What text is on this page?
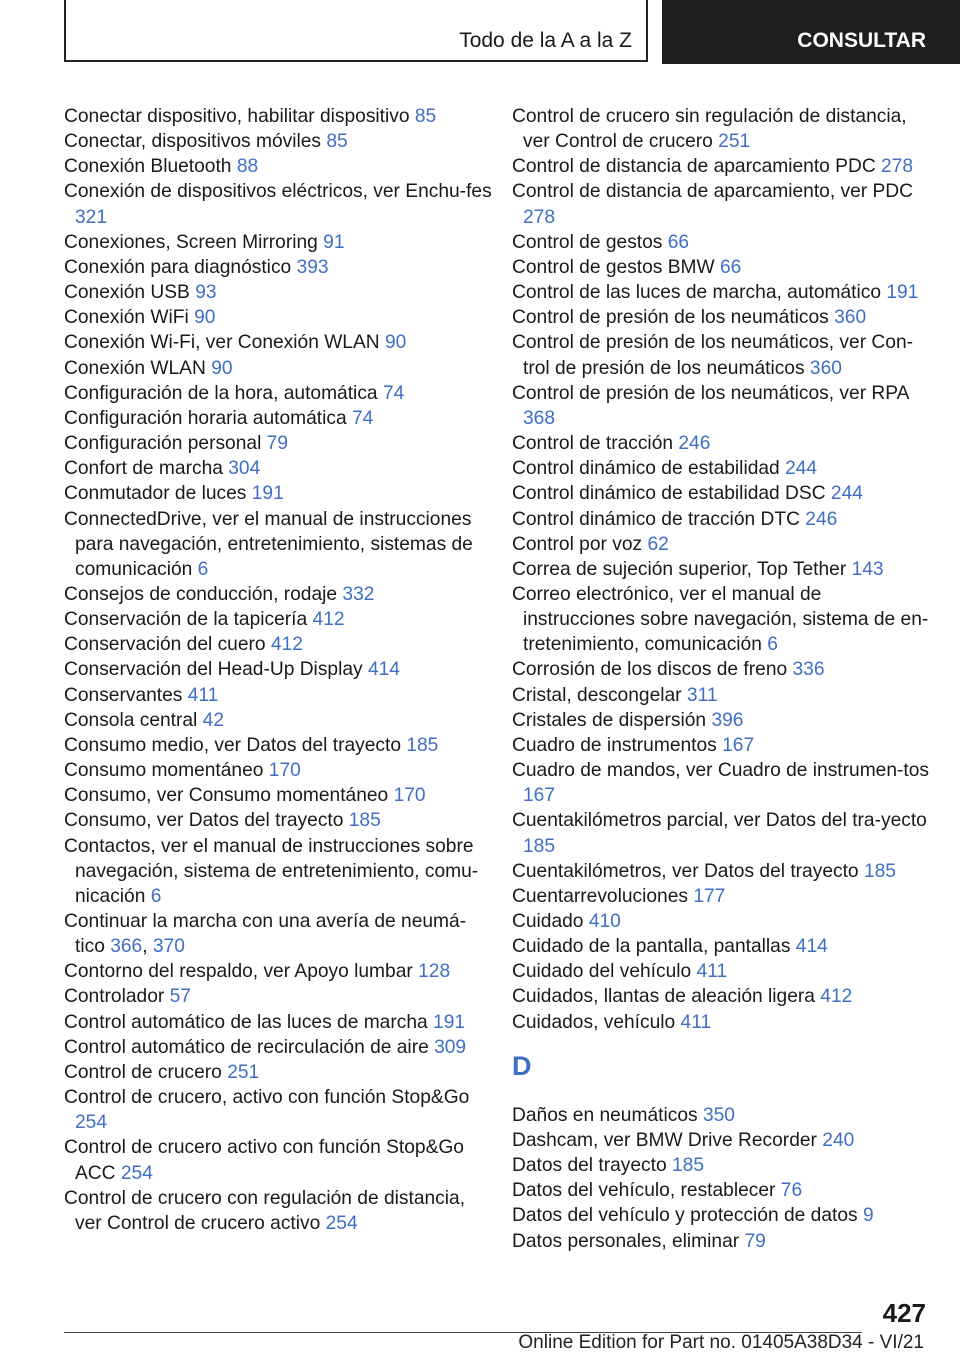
Todo de la A a la Z	CONSULTAR
Conectar dispositivo, habilitar dispositivo 85
Conectar, dispositivos móviles 85
Conexión Bluetooth 88
Conexión de dispositivos eléctricos, ver Enchu‐fes 321
Conexiones, Screen Mirroring 91
Conexión para diagnóstico 393
Conexión USB 93
Conexión WiFi 90
Conexión Wi-Fi, ver Conexión WLAN 90
Conexión WLAN 90
Configuración de la hora, automática 74
Configuración horaria automática 74
Configuración personal 79
Confort de marcha 304
Conmutador de luces 191
ConnectedDrive, ver el manual de instrucciones para navegación, entretenimiento, sistemas de comunicación 6
Consejos de conducción, rodaje 332
Conservación de la tapicería 412
Conservación del cuero 412
Conservación del Head-Up Display 414
Conservantes 411
Consola central 42
Consumo medio, ver Datos del trayecto 185
Consumo momentáneo 170
Consumo, ver Consumo momentáneo 170
Consumo, ver Datos del trayecto 185
Contactos, ver el manual de instrucciones sobre navegación, sistema de entretenimiento, comu‐nicación 6
Continuar la marcha con una avería de neumá‐tico 366, 370
Contorno del respaldo, ver Apoyo lumbar 128
Controlador 57
Control automático de las luces de marcha 191
Control automático de recirculación de aire 309
Control de crucero 251
Control de crucero, activo con función Stop&Go 254
Control de crucero activo con función Stop&Go ACC 254
Control de crucero con regulación de distancia, ver Control de crucero activo 254
Control de crucero sin regulación de distancia, ver Control de crucero 251
Control de distancia de aparcamiento PDC 278
Control de distancia de aparcamiento, ver PDC 278
Control de gestos 66
Control de gestos BMW 66
Control de las luces de marcha, automático 191
Control de presión de los neumáticos 360
Control de presión de los neumáticos, ver Con‐trol de presión de los neumáticos 360
Control de presión de los neumáticos, ver RPA 368
Control de tracción 246
Control dinámico de estabilidad 244
Control dinámico de estabilidad DSC 244
Control dinámico de tracción DTC 246
Control por voz 62
Correa de sujeción superior, Top Tether 143
Correo electrónico, ver el manual de instrucciones sobre navegación, sistema de en‐tretenimiento, comunicación 6
Corrosión de los discos de freno 336
Cristal, descongelar 311
Cristales de dispersión 396
Cuadro de instrumentos 167
Cuadro de mandos, ver Cuadro de instrumen‐tos 167
Cuentakilómetros parcial, ver Datos del tra‐yecto 185
Cuentakilómetros, ver Datos del trayecto 185
Cuentarrevoluciones 177
Cuidado 410
Cuidado de la pantalla, pantallas 414
Cuidado del vehículo 411
Cuidados, llantas de aleación ligera 412
Cuidados, vehículo 411
D
Daños en neumáticos 350
Dashcam, ver BMW Drive Recorder 240
Datos del trayecto 185
Datos del vehículo, restablecer 76
Datos del vehículo y protección de datos 9
Datos personales, eliminar 79
427
Online Edition for Part no. 01405A38D34 - VI/21
